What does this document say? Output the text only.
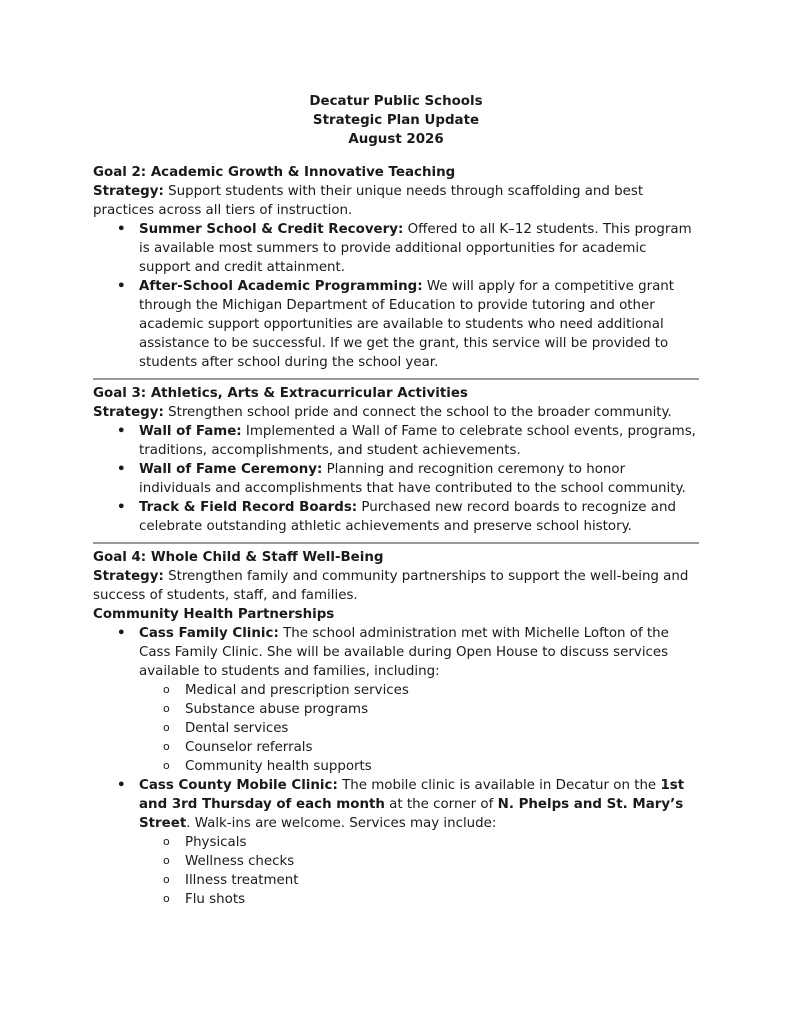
Decatur Public Schools
Strategic Plan Update
August 2026
Goal 2: Academic Growth & Innovative Teaching
Strategy: Support students with their unique needs through scaffolding and best practices across all tiers of instruction.
• Summer School & Credit Recovery: Offered to all K–12 students. This program is available most summers to provide additional opportunities for academic support and credit attainment.
• After-School Academic Programming: We will apply for a competitive grant through the Michigan Department of Education to provide tutoring and other academic support opportunities are available to students who need additional assistance to be successful. If we get the grant, this service will be provided to students after school during the school year.
Goal 3: Athletics, Arts & Extracurricular Activities
Strategy: Strengthen school pride and connect the school to the broader community.
• Wall of Fame: Implemented a Wall of Fame to celebrate school events, programs, traditions, accomplishments, and student achievements.
• Wall of Fame Ceremony: Planning and recognition ceremony to honor individuals and accomplishments that have contributed to the school community.
• Track & Field Record Boards: Purchased new record boards to recognize and celebrate outstanding athletic achievements and preserve school history.
Goal 4: Whole Child & Staff Well-Being
Strategy: Strengthen family and community partnerships to support the well-being and success of students, staff, and families.
Community Health Partnerships
• Cass Family Clinic: The school administration met with Michelle Lofton of the Cass Family Clinic. She will be available during Open House to discuss services available to students and families, including:
o Medical and prescription services
o Substance abuse programs
o Dental services
o Counselor referrals
o Community health supports
• Cass County Mobile Clinic: The mobile clinic is available in Decatur on the 1st and 3rd Thursday of each month at the corner of N. Phelps and St. Mary’s Street. Walk-ins are welcome. Services may include:
o Physicals
o Wellness checks
o Illness treatment
o Flu shots
